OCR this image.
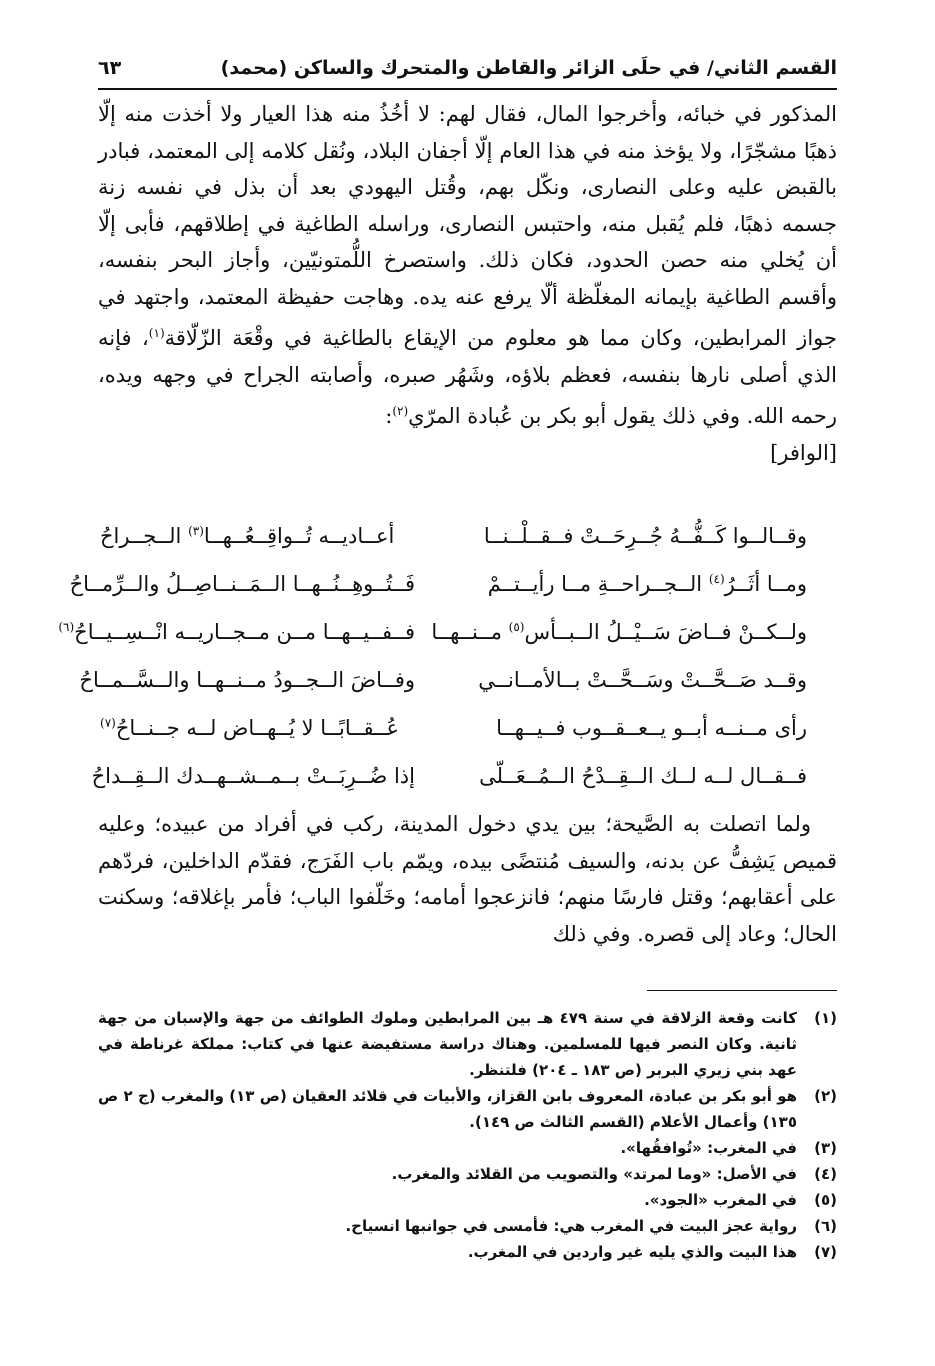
القسم الثاني/ في حلَى الزائر والقاطن والمتحرك والساكن (محمد)
٦٣

المذكور في خبائه، وأخرجوا المال، فقال لهم: لا أخُذُ منه هذا العيار ولا أخذت منه إلّا ذهبًا مشجّرًا، ولا يؤخذ منه في هذا العام إلّا أجفان البلاد، ونُقل كلامه إلى المعتمد، فبادر بالقبض عليه وعلى النصارى، ونكّل بهم، وقُتل اليهودي بعد أن بذل في نفسه زنة جسمه ذهبًا، فلم يُقبل منه، واحتبس النصارى، وراسله الطاغية في إطلاقهم، فأبى إلّا أن يُخلي منه حصن الحدود، فكان ذلك. واستصرخ اللُّمتونيّين، وأجاز البحر بنفسه، وأقسم الطاغية بإيمانه المغلّظة ألّا يرفع عنه يده. وهاجت حفيظة المعتمد، واجتهد في جواز المرابطين، وكان مما هو معلوم من الإيقاع بالطاغية في وقْعَة الزّلّاقة$^{(١)}$، فإنه الذي أصلى نارها بنفسه، فعظم بلاؤه، وشَهُر صبره، وأصابته الجراح في وجهه ويده، رحمه الله. وفي ذلك يقول أبو بكر بن عُبادة المرّي$^{(٢)}$:

[الوافر]

وقــالــوا كَــفُّــهُ جُــرِحَــتْ فــقــلْــنــا
أعــاديــه تُــواقِــعُــهــا$^{(٣)}$ الــجــراحُ
ومــا أثَــرُ$^{(٤)}$ الــجــراحــةِ مــا رأيــتــمْ
فَــتُــوهِــنُــهــا الــمَــنــاصِــلُ والــرِّمــاحُ
ولــكــنْ فــاضَ سَــيْــلُ الــبــأس$^{(٥)}$ مــنــهــا
فــفــيــهــا مــن مــجــاريــه انْــسِــيــاحُ$^{(٦)}$
وقــد صَــحَّــتْ وسَــحَّــتْ بــالأمــانــي
وفــاضَ الــجــودُ مــنــهــا والــسَّــمــاحُ
رأى مــنــه أبــو يــعــقــوب فــيــهــا
عُــقــابًــا لا يُــهــاض لــه جــنــاحُ$^{(٧)}$
فــقــال لــه لــك الــقِــدْحُ الــمُــعَــلّى
إذا ضُــرِبَــتْ بــمــشــهــدك الــقِــداحُ

ولما اتصلت به الصَّيحة؛ بين يدي دخول المدينة، ركب في أفراد من عبيده؛ وعليه قميص يَشِفُّ عن بدنه، والسيف مُنتضًى بيده، ويمّم باب الفَرَج، فقدّم الداخلين، فردّهم على أعقابهم؛ وقتل فارسًا منهم؛ فانزعجوا أمامه؛ وخَلّفوا الباب؛ فأمر بإغلاقه؛ وسكنت الحال؛ وعاد إلى قصره. وفي ذلك

(١)
كانت وقعة الزلاقة في سنة ٤٧٩ هـ بين المرابطين وملوك الطوائف من جهة والإسبان من جهة ثانية. وكان النصر فيها للمسلمين. وهناك دراسة مستفيضة عنها في كتاب: مملكة غرناطة في عهد بني زيري البربر (ص ١٨٣ ـ ٢٠٤) فلتنظر.
(٢)
هو أبو بكر بن عبادة، المعروف بابن القزاز، والأبيات في قلائد العقيان (ص ١٣) والمغرب (ج ٢ ص ١٣٥) وأعمال الأعلام (القسم الثالث ص ١٤٩).
(٣)
في المغرب: «تُوافقُها».
(٤)
في الأصل: «وما لمرتد» والتصويب من القلائد والمغرب.
(٥)
في المغرب «الجود».
(٦)
رواية عجز البيت في المغرب هي: فأمسى في جوانبها انسياح.
(٧)
هذا البيت والذي يليه غير واردين في المغرب.
